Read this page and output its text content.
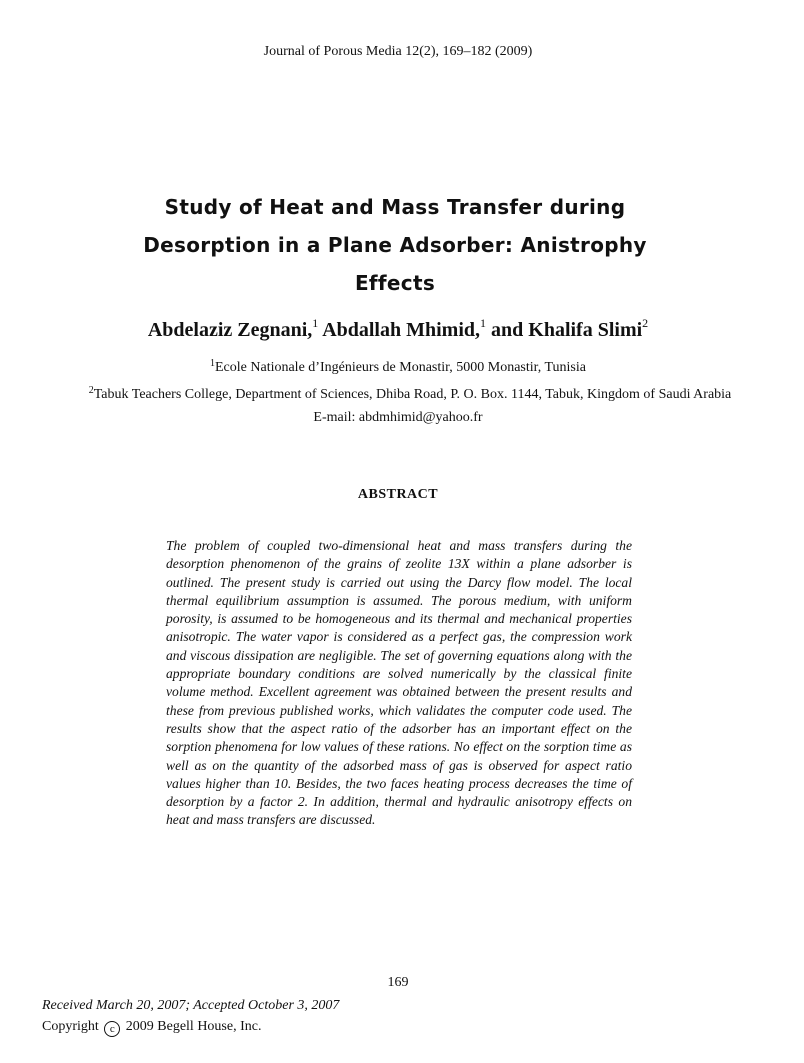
Journal of Porous Media 12(2), 169–182 (2009)
Study of Heat and Mass Transfer during
Desorption in a Plane Adsorber: Anistrophy
Effects
Abdelaziz Zegnani,$^1$ Abdallah Mhimid,$^1$ and Khalifa Slimi$^2$
$^1$Ecole Nationale d’Ingénieurs de Monastir, 5000 Monastir, Tunisia
$^2$Tabuk Teachers College, Department of Sciences, Dhiba Road, P. O. Box. 1144, Tabuk, Kingdom of Saudi Arabia
E-mail: abdmhimid@yahoo.fr
ABSTRACT
The problem of coupled two-dimensional heat and mass transfers during the desorption phenomenon of the grains of zeolite 13X within a plane adsorber is outlined. The present study is carried out using the Darcy flow model. The local thermal equilibrium assumption is assumed. The porous medium, with uniform porosity, is assumed to be homogeneous and its thermal and mechanical properties anisotropic. The water vapor is considered as a perfect gas, the compression work and viscous dissipation are negligible. The set of governing equations along with the appropriate boundary conditions are solved numerically by the classical finite volume method. Excellent agreement was obtained between the present results and these from previous published works, which validates the computer code used. The results show that the aspect ratio of the adsorber has an important effect on the sorption phenomena for low values of these rations. No effect on the sorption time as well as on the quantity of the adsorbed mass of gas is observed for aspect ratio values higher than 10. Besides, the two faces heating process decreases the time of desorption by a factor 2. In addition, thermal and hydraulic anisotropy effects on heat and mass transfers are discussed.
169
Received March 20, 2007; Accepted October 3, 2007
Copyright c 2009 Begell House, Inc.
